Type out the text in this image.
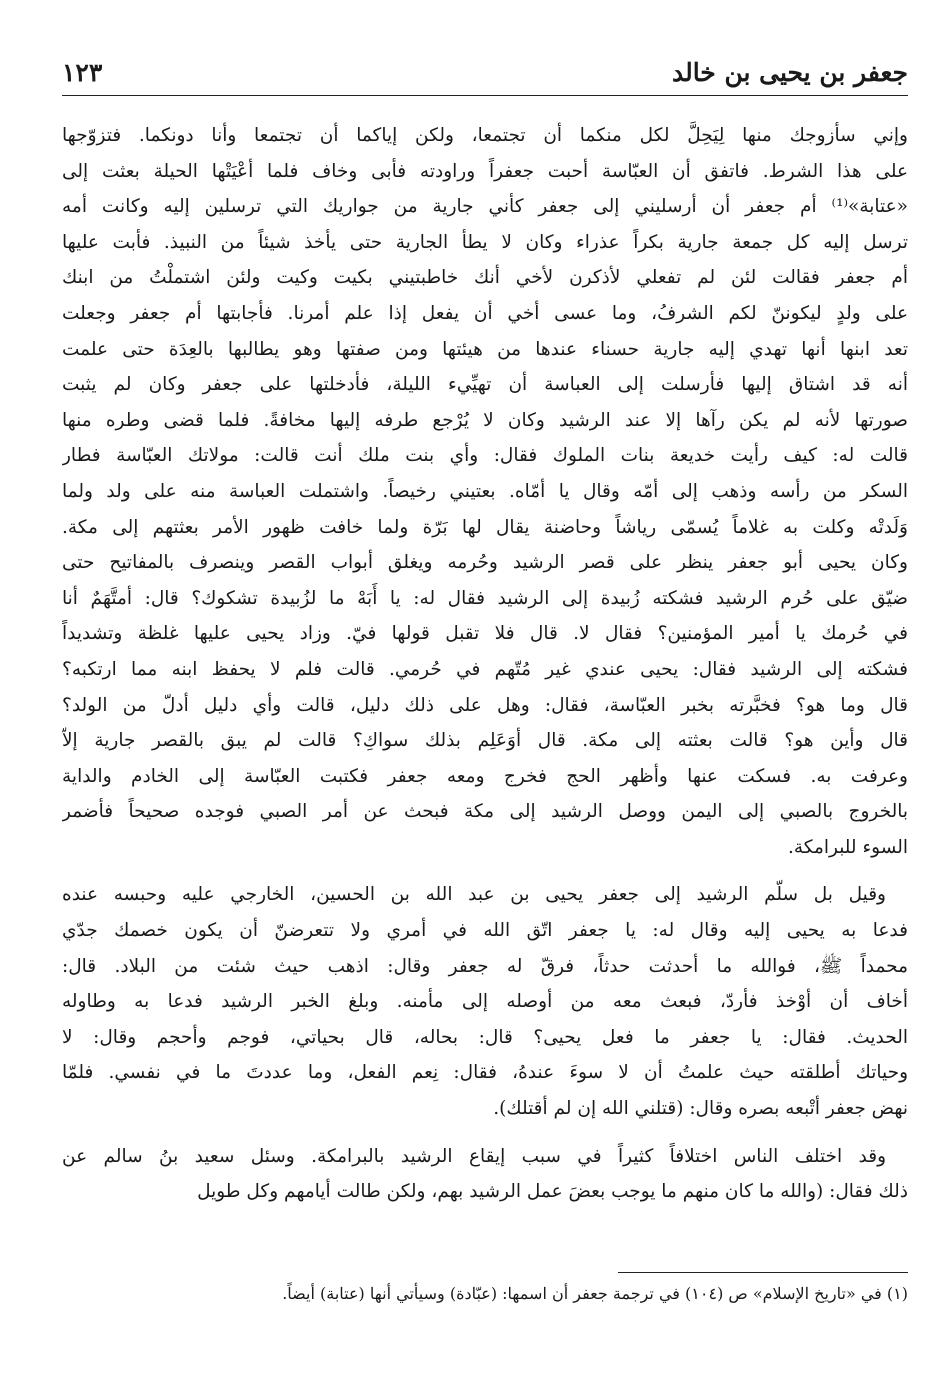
جعفر بن يحيى بن خالد
١٢٣
وإني سأزوجك منها لِيَحِلَّ لكل منكما أن تجتمعا، ولكن إياكما أن تجتمعا وأنا دونكما. فتزوّجها
على هذا الشرط. فاتفق أن العبّاسة أحبت جعفراً وراودته فأبى وخاف فلما أعْيَتْها الحيلة بعثت إلى
«عتابة»⁽¹⁾ أم جعفر أن أرسليني إلى جعفر كأني جارية من جواريك التي ترسلين إليه وكانت أمه
ترسل إليه كل جمعة جارية بكراً عذراء وكان لا يطأ الجارية حتى يأخذ شيئاً من النبيذ. فأبت عليها
أم جعفر فقالت لئن لم تفعلي لأذكرن لأخي أنك خاطبتيني بكيت وكيت ولئن اشتملْتُ من ابنك
على ولدٍ ليكوننّ لكم الشرفُ، وما عسى أخي أن يفعل إذا علم أمرنا. فأجابتها أم جعفر وجعلت
تعد ابنها أنها تهدي إليه جارية حسناء عندها من هيئتها ومن صفتها وهو يطالبها بالعِدَة حتى علمت
أنه قد اشتاق إليها فأرسلت إلى العباسة أن تهيِّيء الليلة، فأدخلتها على جعفر وكان لم يثبت
صورتها لأنه لم يكن رآها إلا عند الرشيد وكان لا يُرْجع طرفه إليها مخافةً. فلما قضى وطره منها
قالت له: كيف رأيت خديعة بنات الملوك فقال: وأي بنت ملك أنت قالت: مولاتك العبّاسة فطار
السكر من رأسه وذهب إلى أمّه وقال يا أمّاه. بعتيني رخيصاً. واشتملت العباسة منه على ولد ولما
وَلَدتْه وكلت به غلاماً يُسمّى رياشاً وحاضنة يقال لها بَرّة ولما خافت ظهور الأمر بعثتهم إلى مكة.
وكان يحيى أبو جعفر ينظر على قصر الرشيد وحُرمه ويغلق أبواب القصر وينصرف بالمفاتيح حتى
ضيّق على حُرم الرشيد فشكته زُبيدة إلى الرشيد فقال له: يا أَبَهْ ما لزُبيدة تشكوك؟ قال: أمتَّهَمٌ أنا
في حُرمك يا أمير المؤمنين؟ فقال لا. قال فلا تقبل قولها فيّ. وزاد يحيى عليها غلظة وتشديداً
فشكته إلى الرشيد فقال: يحيى عندي غير مُتّهم في حُرمي. قالت فلم لا يحفظ ابنه مما ارتكبه؟
قال وما هو؟ فخبَّرته بخبر العبّاسة، فقال: وهل على ذلك دليل، قالت وأي دليل أدلّ من الولد؟
قال وأين هو؟ قالت بعثته إلى مكة. قال أوَعَلِم بذلك سواكِ؟ قالت لم يبق بالقصر جارية إلاّ
وعرفت به. فسكت عنها وأظهر الحج فخرج ومعه جعفر فكتبت العبّاسة إلى الخادم والداية
بالخروج بالصبي إلى اليمن ووصل الرشيد إلى مكة فبحث عن أمر الصبي فوجده صحيحاً فأضمر
السوء للبرامكة.
وقيل بل سلّم الرشيد إلى جعفر يحيى بن عبد الله بن الحسين، الخارجي عليه وحبسه عنده
فدعا به يحيى إليه وقال له: يا جعفر اتّق الله في أمري ولا تتعرضنّ أن يكون خصمك جدّي
محمداً ﷺ، فوالله ما أحدثت حدثاً، فرقّ له جعفر وقال: اذهب حيث شئت من البلاد. قال:
أخاف أن أوْخذ فأردّ، فبعث معه من أوصله إلى مأمنه. وبلغ الخبر الرشيد فدعا به وطاوله
الحديث. فقال: يا جعفر ما فعل يحيى؟ قال: بحاله، قال بحياتي، فوجم وأحجم وقال: لا
وحياتك أطلقته حيث علمتُ أن لا سوءَ عندهُ، فقال: نِعم الفعل، وما عددتَ ما في نفسي. فلمّا
نهض جعفر أتْبعه بصره وقال: (قتلني الله إن لم أقتلك).
وقد اختلف الناس اختلافاً كثيراً في سبب إيقاع الرشيد بالبرامكة. وسئل سعيد بنُ سالم عن
ذلك فقال: (والله ما كان منهم ما يوجب بعضَ عمل الرشيد بهم، ولكن طالت أيامهم وكل طويل
(١) في «تاريخ الإسلام» ص (١٠٤) في ترجمة جعفر أن اسمها: (عبّادة) وسيأتي أنها (عتابة) أيضاً.
